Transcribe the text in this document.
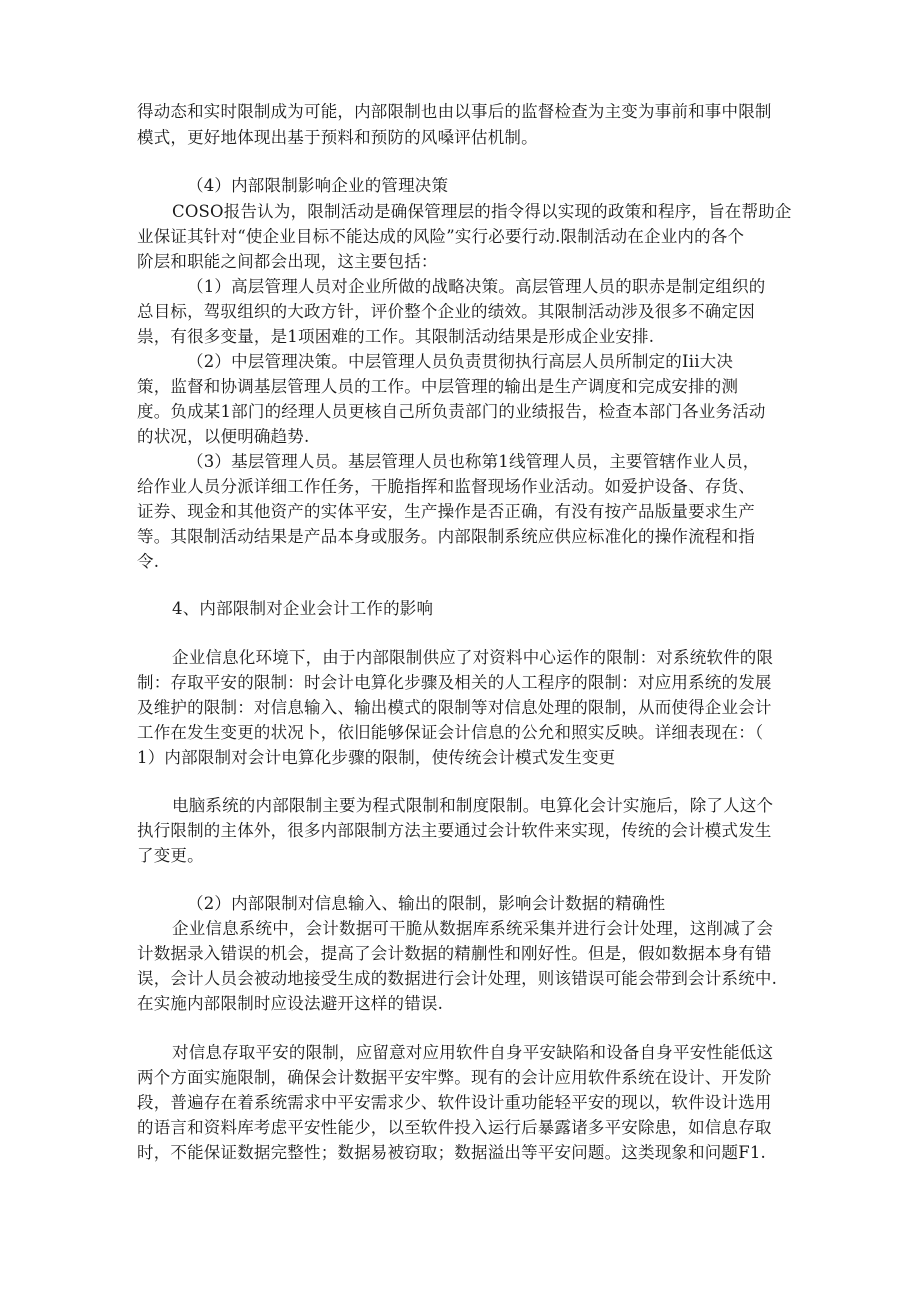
得动态和实时限制成为可能，内部限制也由以事后的监督检查为主变为事前和事中限制
模式，更好地体现出基于预料和预防的风嗓评估机制。
（4）内部限制影响企业的管理决策
COSO报告认为，限制活动是确保管理层的指令得以实现的政策和程序，旨在帮助企
业保证其针对“使企业目标不能达成的风险”实行必要行动.限制活动在企业内的各个
阶层和职能之间都会出现，这主要包括：
（1）高层管理人员对企业所做的战略决策。高层管理人员的职赤是制定组织的
总目标，驾驭组织的大政方针，评价整个企业的绩效。其限制活动涉及很多不确定因
祟，有很多变量，是1项困难的工作。其限制活动结果是形成企业安排.
（2）中层管理决策。中层管理人员负责贯彻执行高层人员所制定的Iii大决
策，监督和协调基层管理人员的工作。中层管理的输出是生产调度和完成安排的测
度。负成某1部门的经理人员更核自己所负责部门的业绩报告，检查本部门各业务活动
的状况，以便明确趋势.
（3）基层管理人员。基层管理人员也称第1线管理人员，主要管辖作业人员，
给作业人员分派详细工作任务，干脆指挥和监督现场作业活动。如爱护设备、存货、
证券、现金和其他资产的实体平安，生产操作是否正确，有没有按产品版量要求生产
等。其限制活动结果是产品本身或服务。内部限制系统应供应标准化的操作流程和指
令.
4、内部限制对企业会计工作的影响
企业信息化环境下，由于内部限制供应了对资料中心运作的限制：对系统软件的限
制：存取平安的限制：时会计电算化步骤及相关的人工程序的限制：对应用系统的发展
及维护的限制：对信息输入、输出模式的限制等对信息处理的限制，从而使得企业会计
工作在发生变更的状况卜，依旧能够保证会计信息的公允和照实反映。详细表现在：（
1）内部限制对会计电算化步骤的限制，使传统会计模式发生变更
电脑系统的内部限制主要为程式限制和制度限制。电算化会计实施后，除了人这个
执行限制的主体外，很多内部限制方法主要通过会计软件来实现，传统的会计模式发生
了变更。
（2）内部限制对信息输入、输出的限制，影响会计数据的精确性
企业信息系统中，会计数据可干脆从数据库系统采集并进行会计处理，这削减了会
计数据录入错误的机会，提高了会计数据的精蒯性和刚好性。但是，假如数据本身有错
误，会计人员会被动地接受生成的数据进行会计处理，则该错误可能会带到会计系统中.
在实施内部限制时应设法避开这样的错误.
对信息存取平安的限制，应留意对应用软件自身平安缺陷和设备自身平安性能低这
两个方面实施限制，确保会计数据平安牢弊。现有的会计应用软件系统在设计、开发阶
段，普遍存在着系统需求中平安需求少、软件设计重功能轻平安的现以，软件设计选用
的语言和资料库考虑平安性能少，以至软件投入运行后暴露诸多平安除患，如信息存取
时，不能保证数据完整性；数据易被窃取；数据溢出等平安问题。这类现象和问题F1.
